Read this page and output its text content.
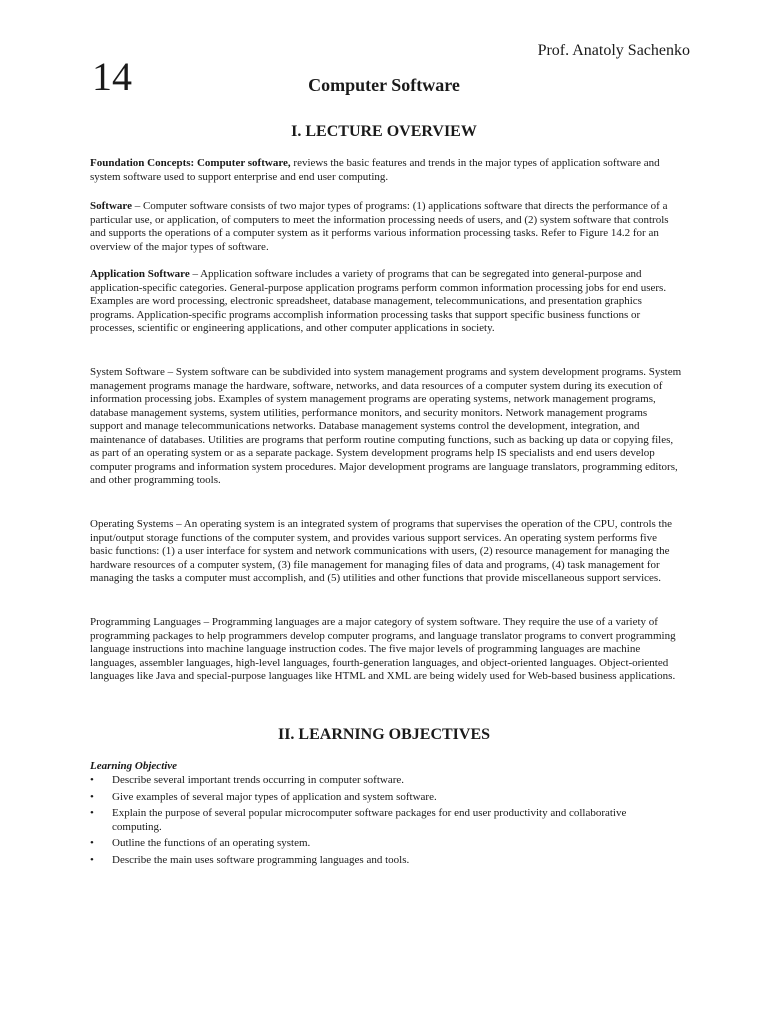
Prof. Anatoly Sachenko
14	Computer Software
I. LECTURE OVERVIEW

Foundation Concepts: Computer software, reviews the basic features and trends in the major types of application software and system software used to support enterprise and end user computing.

Software – Computer software consists of two major types of programs: (1) applications software that directs the performance of a particular use, or application, of computers to meet the information processing needs of users, and (2) system software that controls and supports the operations of a computer system as it performs various information processing tasks. Refer to Figure 14.2 for an overview of the major types of software.

Application Software – Application software includes a variety of programs that can be segregated into general-purpose and application-specific categories. General-purpose application programs perform common information processing jobs for end users. Examples are word processing, electronic spreadsheet, database management, telecommunications, and presentation graphics programs. Application-specific programs accomplish information processing tasks that support specific business functions or processes, scientific or engineering applications, and other computer applications in society.

System Software – System software can be subdivided into system management programs and system development programs. System management programs manage the hardware, software, networks, and data resources of a computer system during its execution of information processing jobs. Examples of system management programs are operating systems, network management programs, database management systems, system utilities, performance monitors, and security monitors. Network management programs support and manage telecommunications networks. Database management systems control the development, integration, and maintenance of databases. Utilities are programs that perform routine computing functions, such as backing up data or copying files, as part of an operating system or as a separate package. System development programs help IS specialists and end users develop computer programs and information system procedures. Major development programs are language translators, programming editors, and other programming tools.

Operating Systems – An operating system is an integrated system of programs that supervises the operation of the CPU, controls the input/output storage functions of the computer system, and provides various support services. An operating system performs five basic functions: (1) a user interface for system and network communications with users, (2) resource management for managing the hardware resources of a computer system, (3) file management for managing files of data and programs, (4) task management for managing the tasks a computer must accomplish, and (5) utilities and other functions that provide miscellaneous support services.

Programming Languages – Programming languages are a major category of system software. They require the use of a variety of programming packages to help programmers develop computer programs, and language translator programs to convert programming language instructions into machine language instruction codes. The five major levels of programming languages are machine languages, assembler languages, high-level languages, fourth-generation languages, and object-oriented languages. Object-oriented languages like Java and special-purpose languages like HTML and XML are being widely used for Web-based business applications.

II. LEARNING OBJECTIVES
Learning Objective
• Describe several important trends occurring in computer software.
• Give examples of several major types of application and system software.
• Explain the purpose of several popular microcomputer software packages for end user productivity and collaborative computing.
• Outline the functions of an operating system.
• Describe the main uses software programming languages and tools.
